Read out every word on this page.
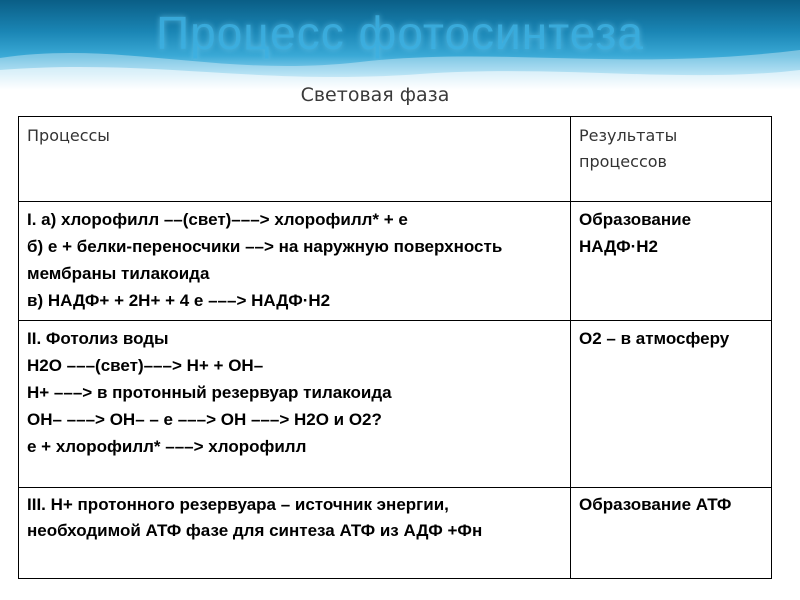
Процесс фотосинтеза
Световая фаза
Процессы	Результаты процессов

I. а) хлорофилл ––(свет)–––> хлорофилл* + е
б) е + белки-переносчики ––> на наружную поверхность мембраны тилакоида
в) НАДФ+ + 2Н+ + 4 е –––> НАДФ·Н2	Образование НАДФ·Н2

II. Фотолиз воды
Н2О –––(свет)–––> Н+ + ОН–
Н+ –––> в протонный резервуар тилакоида
ОН– –––> ОН– – е –––> ОН –––> Н2О и О2?
е + хлорофилл* –––> хлорофилл	О2 – в атмосферу

III. Н+ протонного резервуара – источник энергии, необходимой АТФ фазе для синтеза АТФ из АДФ +Фн	Образование АТФ
